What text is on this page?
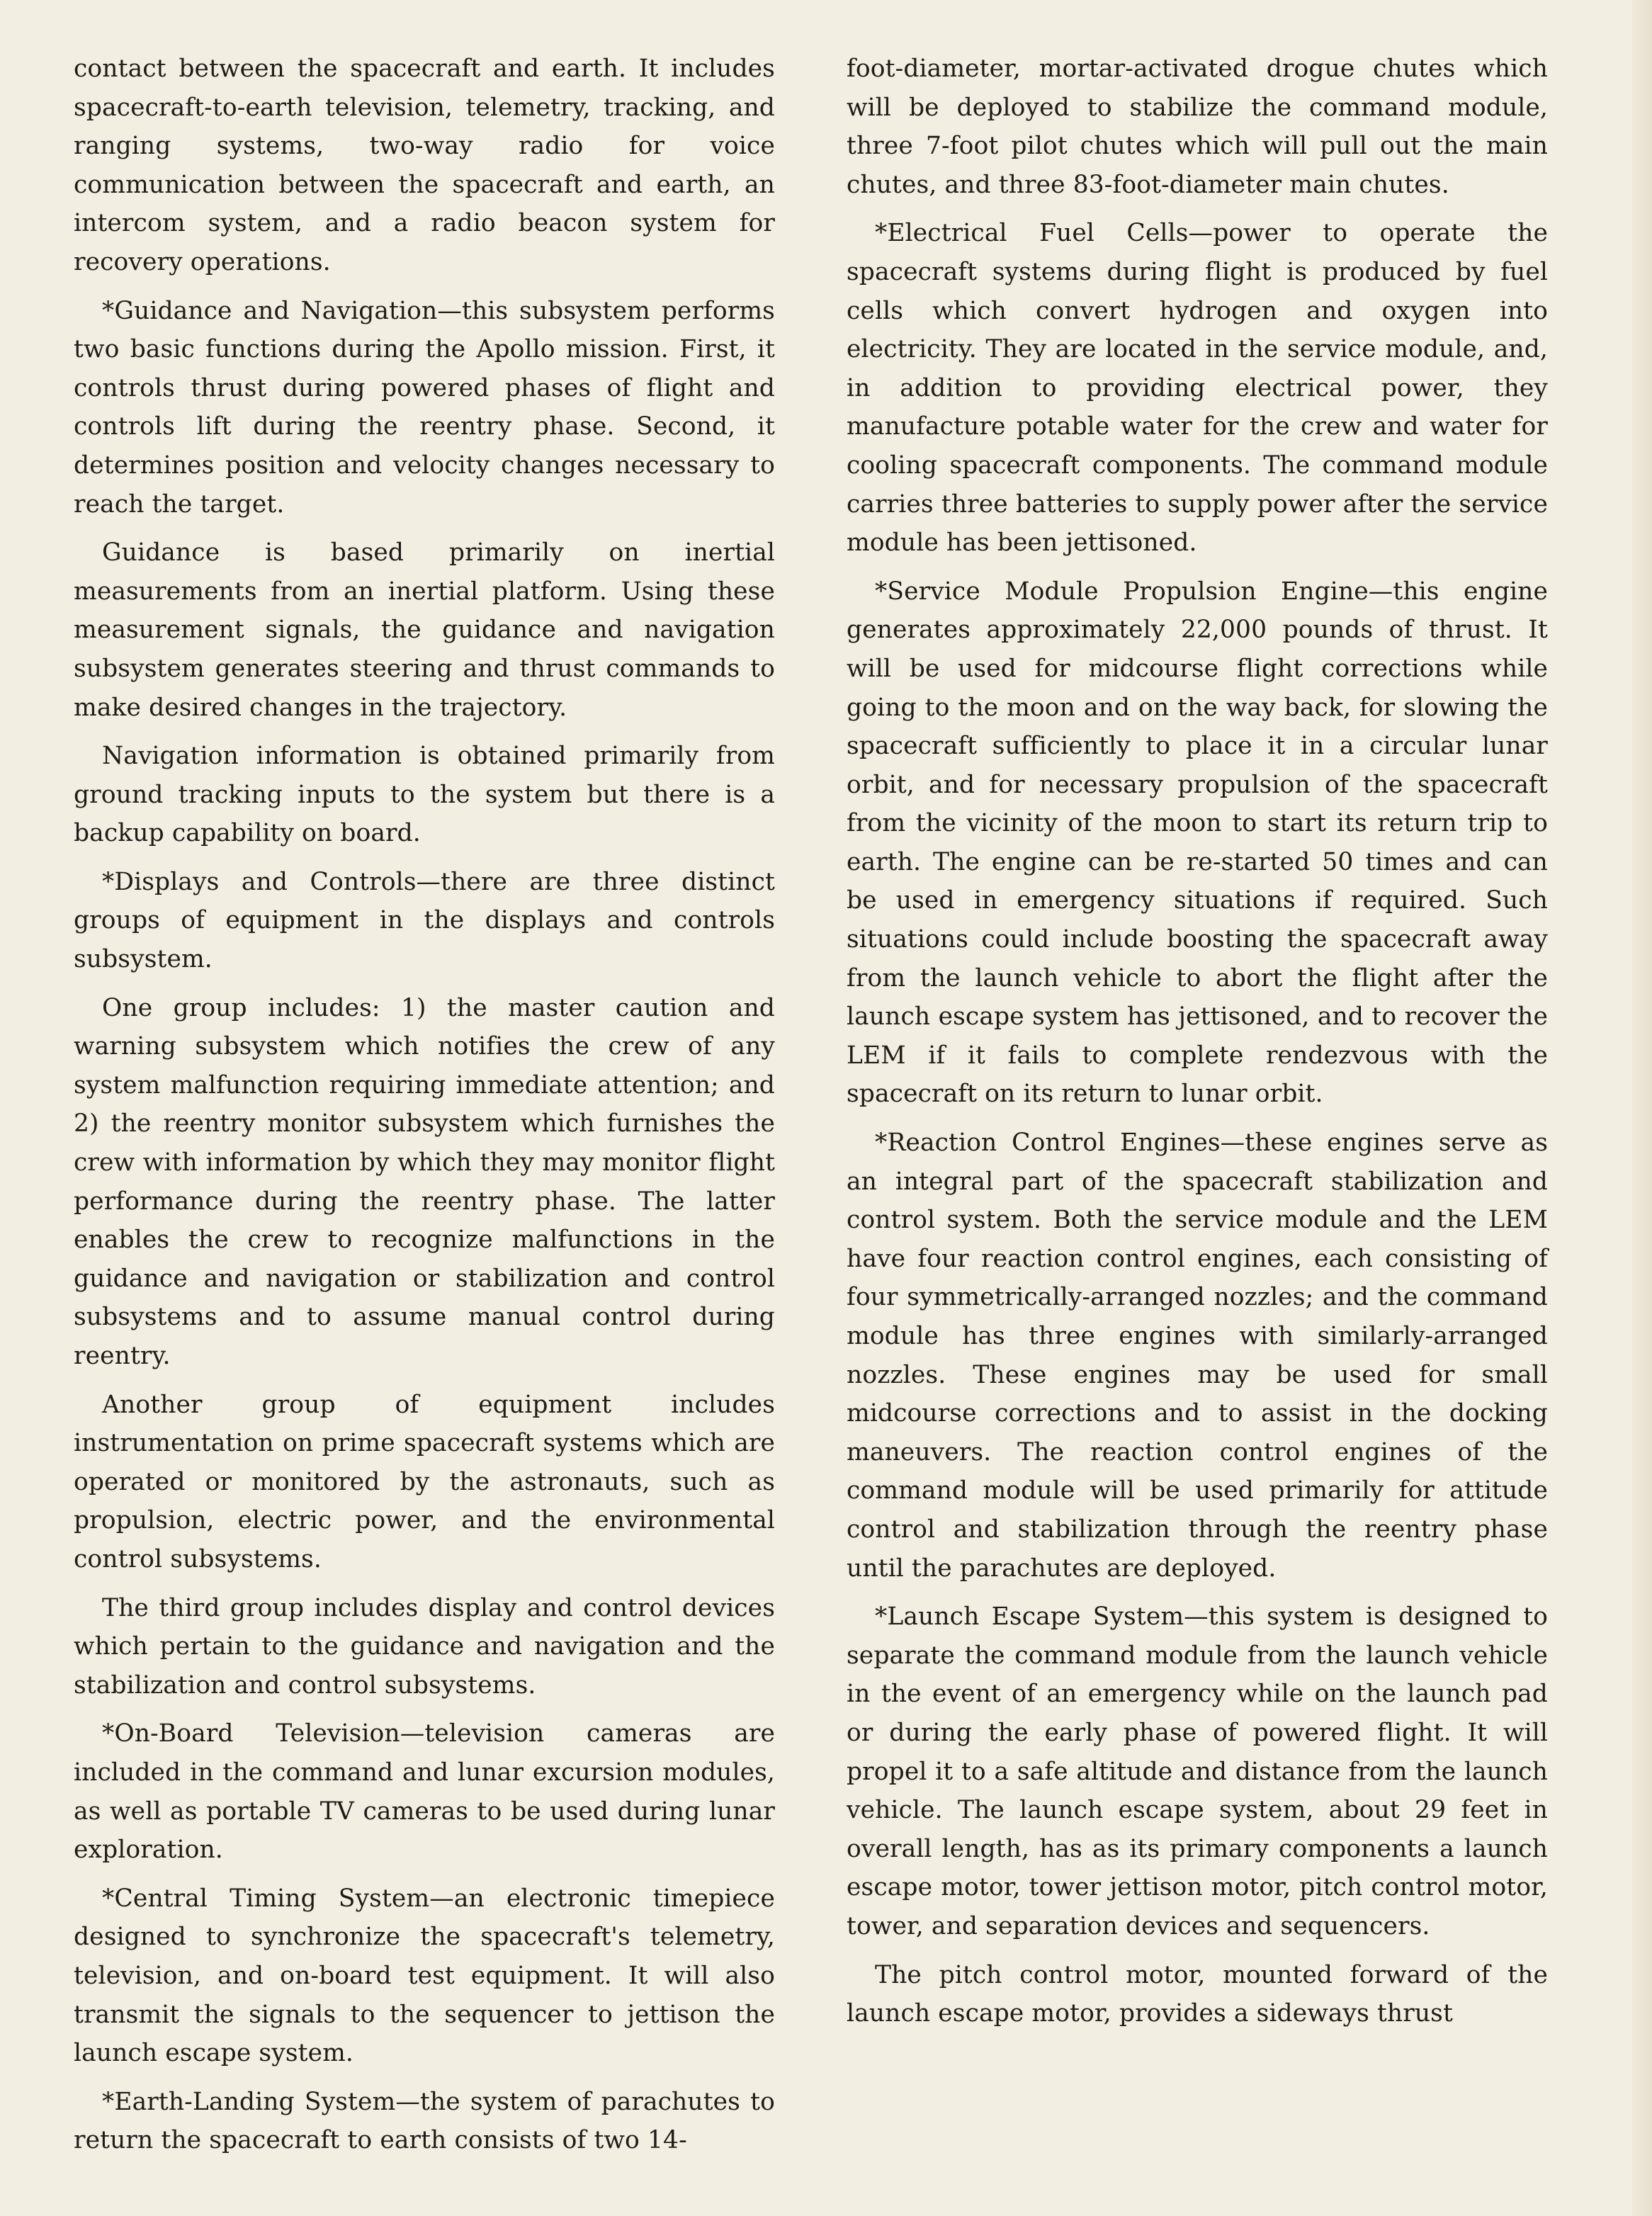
contact between the spacecraft and earth. It includes spacecraft-to-earth television, telemetry, tracking, and ranging systems, two-way radio for voice communication between the spacecraft and earth, an intercom system, and a radio beacon system for recovery operations.

*Guidance and Navigation—this subsystem performs two basic functions during the Apollo mission. First, it controls thrust during powered phases of flight and controls lift during the reentry phase. Second, it determines position and velocity changes necessary to reach the target.

Guidance is based primarily on inertial measurements from an inertial platform. Using these measurement signals, the guidance and navigation subsystem generates steering and thrust commands to make desired changes in the trajectory.

Navigation information is obtained primarily from ground tracking inputs to the system but there is a backup capability on board.

*Displays and Controls—there are three distinct groups of equipment in the displays and controls subsystem.

One group includes: 1) the master caution and warning subsystem which notifies the crew of any system malfunction requiring immediate attention; and 2) the reentry monitor subsystem which furnishes the crew with information by which they may monitor flight performance during the reentry phase. The latter enables the crew to recognize malfunctions in the guidance and navigation or stabilization and control subsystems and to assume manual control during reentry.

Another group of equipment includes instrumentation on prime spacecraft systems which are operated or monitored by the astronauts, such as propulsion, electric power, and the environmental control subsystems.

The third group includes display and control devices which pertain to the guidance and navigation and the stabilization and control subsystems.

*On-Board Television—television cameras are included in the command and lunar excursion modules, as well as portable TV cameras to be used during lunar exploration.

*Central Timing System—an electronic timepiece designed to synchronize the spacecraft's telemetry, television, and on-board test equipment. It will also transmit the signals to the sequencer to jettison the launch escape system.

*Earth-Landing System—the system of parachutes to return the spacecraft to earth consists of two 14-

foot-diameter, mortar-activated drogue chutes which will be deployed to stabilize the command module, three 7-foot pilot chutes which will pull out the main chutes, and three 83-foot-diameter main chutes.

*Electrical Fuel Cells—power to operate the spacecraft systems during flight is produced by fuel cells which convert hydrogen and oxygen into electricity. They are located in the service module, and, in addition to providing electrical power, they manufacture potable water for the crew and water for cooling spacecraft components. The command module carries three batteries to supply power after the service module has been jettisoned.

*Service Module Propulsion Engine—this engine generates approximately 22,000 pounds of thrust. It will be used for midcourse flight corrections while going to the moon and on the way back, for slowing the spacecraft sufficiently to place it in a circular lunar orbit, and for necessary propulsion of the spacecraft from the vicinity of the moon to start its return trip to earth. The engine can be re-started 50 times and can be used in emergency situations if required. Such situations could include boosting the spacecraft away from the launch vehicle to abort the flight after the launch escape system has jettisoned, and to recover the LEM if it fails to complete rendezvous with the spacecraft on its return to lunar orbit.

*Reaction Control Engines—these engines serve as an integral part of the spacecraft stabilization and control system. Both the service module and the LEM have four reaction control engines, each consisting of four symmetrically-arranged nozzles; and the command module has three engines with similarly-arranged nozzles. These engines may be used for small midcourse corrections and to assist in the docking maneuvers. The reaction control engines of the command module will be used primarily for attitude control and stabilization through the reentry phase until the parachutes are deployed.

*Launch Escape System—this system is designed to separate the command module from the launch vehicle in the event of an emergency while on the launch pad or during the early phase of powered flight. It will propel it to a safe altitude and distance from the launch vehicle. The launch escape system, about 29 feet in overall length, has as its primary components a launch escape motor, tower jettison motor, pitch control motor, tower, and separation devices and sequencers.

The pitch control motor, mounted forward of the launch escape motor, provides a sideways thrust
